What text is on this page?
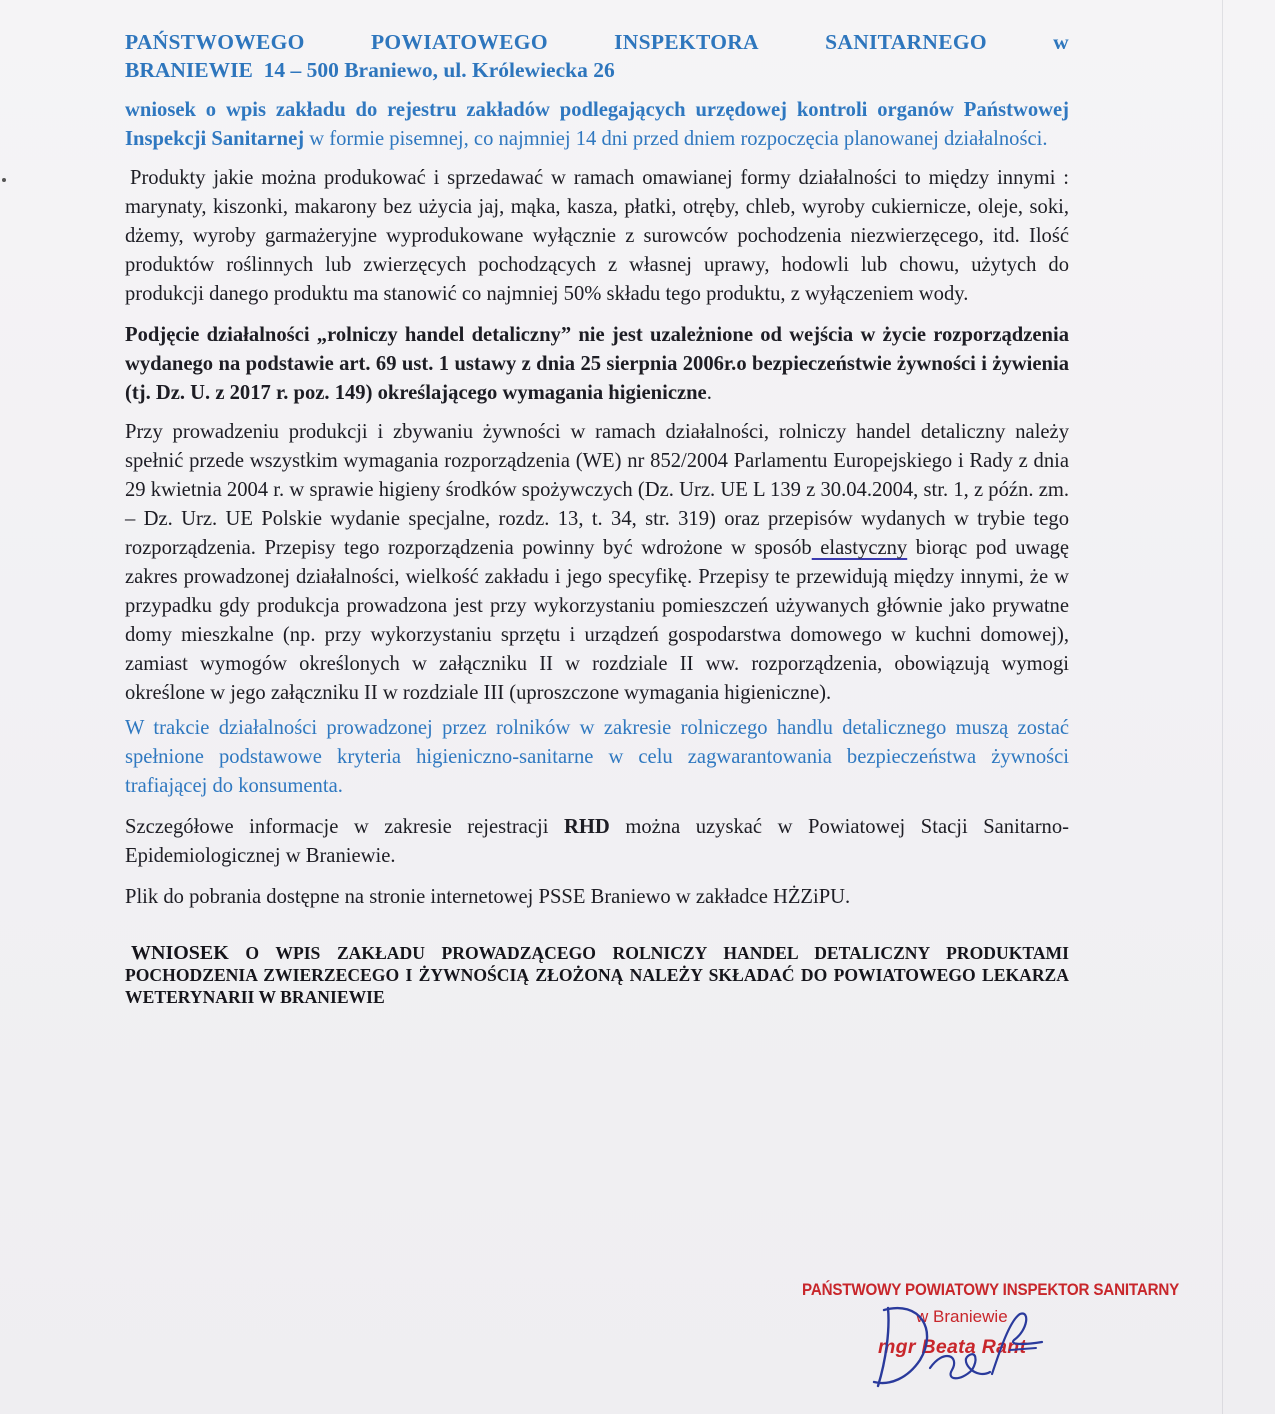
PAŃSTWOWEGO	POWIATOWEGO	INSPEKTORA	SANITARNEGO	w
BRANIEWIE  14 – 500 Braniewo, ul. Królewiecka 26

wniosek o wpis zakładu do rejestru zakładów podlegających urzędowej kontroli organów Państwowej Inspekcji Sanitarnej w formie pisemnej, co najmniej 14 dni przed dniem rozpoczęcia planowanej działalności.

Produkty jakie można produkować i sprzedawać w ramach omawianej formy działalności to między innymi : marynaty, kiszonki, makarony bez użycia jaj, mąka, kasza, płatki, otręby, chleb, wyroby cukiernicze, oleje, soki, dżemy, wyroby garmażeryjne wyprodukowane wyłącznie z surowców pochodzenia niezwierzęcego, itd. Ilość produktów roślinnych lub zwierzęcych pochodzących z własnej uprawy, hodowli lub chowu, użytych do produkcji danego produktu ma stanowić co najmniej 50% składu tego produktu, z wyłączeniem wody.

Podjęcie działalności „rolniczy handel detaliczny” nie jest uzależnione od wejścia w życie rozporządzenia wydanego na podstawie art. 69 ust. 1 ustawy z dnia 25 sierpnia 2006r.o bezpieczeństwie żywności i żywienia (tj. Dz. U. z 2017 r. poz. 149) określającego wymagania higieniczne.

Przy prowadzeniu produkcji i zbywaniu żywności w ramach działalności, rolniczy handel detaliczny należy spełnić przede wszystkim wymagania rozporządzenia (WE) nr 852/2004 Parlamentu Europejskiego i Rady z dnia 29 kwietnia 2004 r. w sprawie higieny środków spożywczych (Dz. Urz. UE L 139 z 30.04.2004, str. 1, z późn. zm. – Dz. Urz. UE Polskie wydanie specjalne, rozdz. 13, t. 34, str. 319) oraz przepisów wydanych w trybie tego rozporządzenia. Przepisy tego rozporządzenia powinny być wdrożone w sposób elastyczny biorąc pod uwagę zakres prowadzonej działalności, wielkość zakładu i jego specyfikę. Przepisy te przewidują między innymi, że w przypadku gdy produkcja prowadzona jest przy wykorzystaniu pomieszczeń używanych głównie jako prywatne domy mieszkalne (np. przy wykorzystaniu sprzętu i urządzeń gospodarstwa domowego w kuchni domowej), zamiast wymogów określonych w załączniku II w rozdziale II ww. rozporządzenia, obowiązują wymogi określone w jego załączniku II w rozdziale III (uproszczone wymagania higieniczne).

W trakcie działalności prowadzonej przez rolników w zakresie rolniczego handlu detalicznego muszą zostać spełnione podstawowe kryteria higieniczno-sanitarne w celu zagwarantowania bezpieczeństwa żywności trafiającej do konsumenta.

Szczegółowe informacje w zakresie rejestracji RHD można uzyskać w Powiatowej Stacji Sanitarno-Epidemiologicznej w Braniewie.

Plik do pobrania dostępne na stronie internetowej PSSE Braniewo w zakładce HŻZiPU.

WNIOSEK O WPIS ZAKŁADU PROWADZĄCEGO ROLNICZY HANDEL DETALICZNY PRODUKTAMI POCHODZENIA ZWIERZECEGO I ŻYWNOŚCIĄ ZŁOŻONĄ NALEŻY SKŁADAĆ DO POWIATOWEGO LEKARZA WETERYNARII W BRANIEWIE
PAŃSTWOWY POWIATOWY INSPEKTOR SANITARNY
w Braniewie
mgr Beata Rant
